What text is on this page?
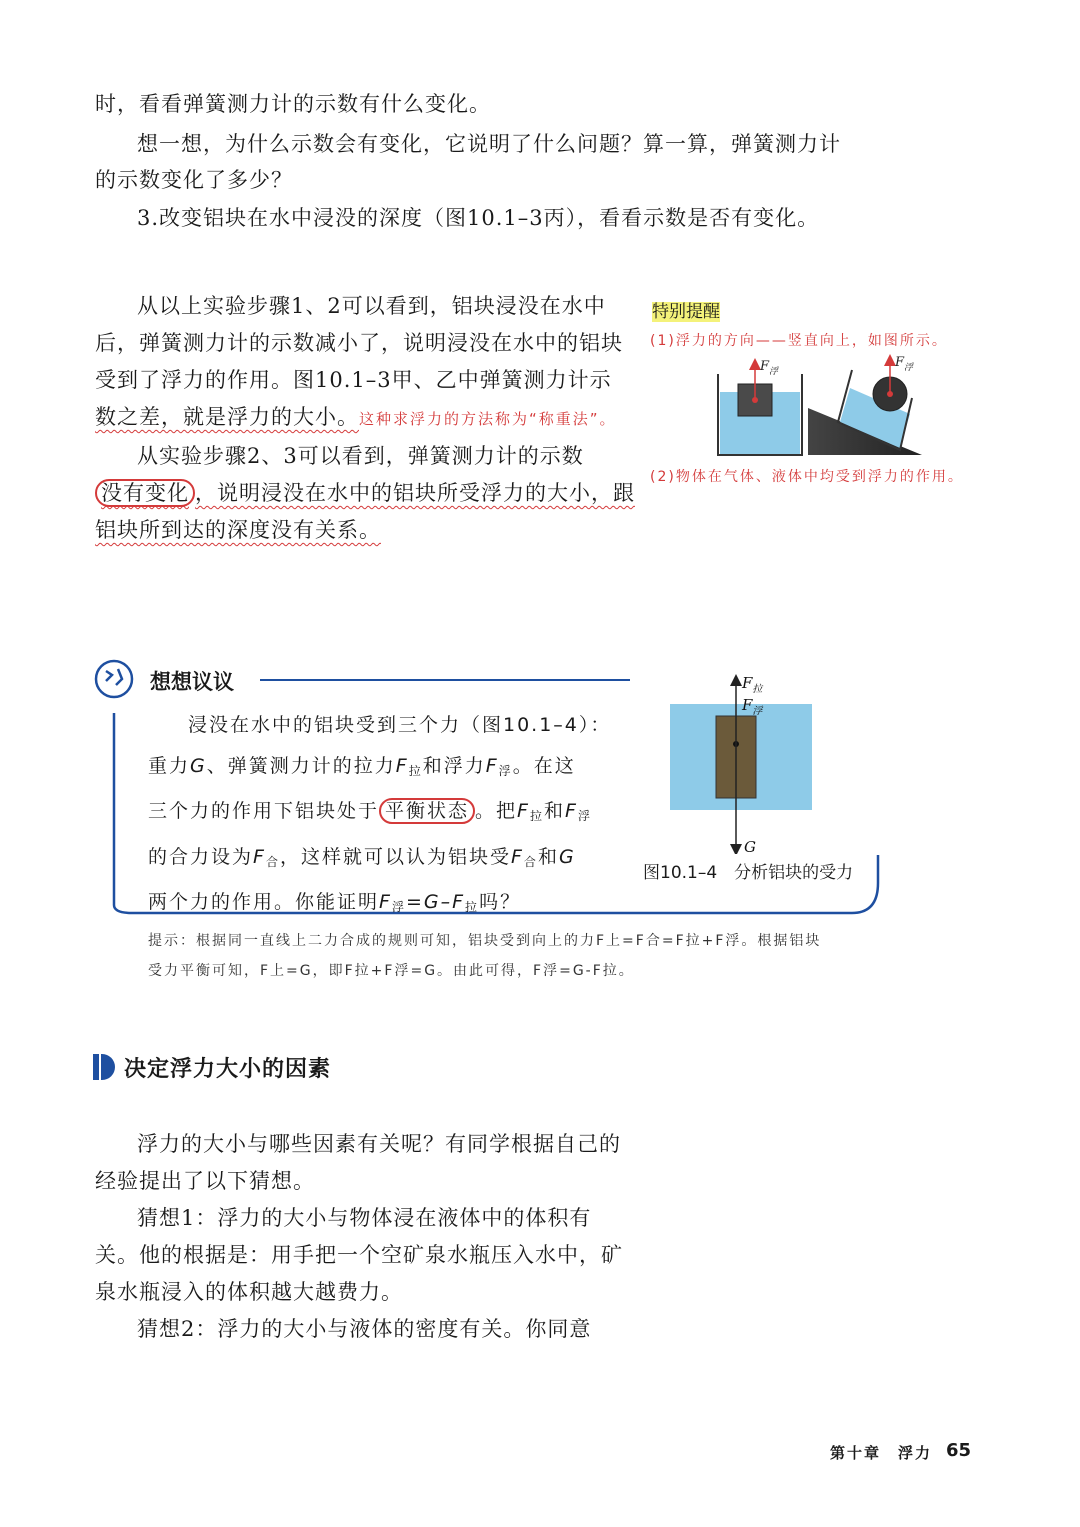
时，看看弹簧测力计的示数有什么变化。

想一想，为什么示数会有变化，它说明了什么问题？算一算，弹簧测力计

的示数变化了多少？

3.改变铝块在水中浸没的深度（图10.1–3丙），看看示数是否有变化。

从以上实验步骤1、2可以看到，铝块浸没在水中

后，弹簧测力计的示数减小了，说明浸没在水中的铝块

受到了浮力的作用。图10.1–3甲、乙中弹簧测力计示

数之差，就是浮力的大小。这种求浮力的方法称为“称重法”。

从实验步骤2、3可以看到，弹簧测力计的示数

没有变化 ，说明浸没在水中的铝块所受浮力的大小，跟

铝块所到达的深度没有关系。

特别提醒
(1)浮力的方向——竖直向上，如图所示。
(2)物体在气体、液体中均受到浮力的作用。
$F_浮$
$F_浮$
想想议议
浸没在水中的铝块受到三个力（图10.1–4）：
重力G、弹簧测力计的拉力$F_拉$和浮力$F_浮$。在这
三个力的作用下铝块处于 平衡状态 。把$F_拉$和$F_浮$
的合力设为$F_合$，这样就可以认为铝块受$F_合$和G
两个力的作用。你能证明$F_浮=G-F_拉$吗？
$F_拉$
$F_浮$
G
图10.1–4　分析铝块的受力
提示：根据同一直线上二力合成的规则可知，铝块受到向上的力F上=F合=F拉+F浮。根据铝块
受力平衡可知，F上=G，即F拉+F浮=G。由此可得，F浮=G-F拉。
决定浮力大小的因素

浮力的大小与哪些因素有关呢？有同学根据自己的

经验提出了以下猜想。

猜想1：浮力的大小与物体浸在液体中的体积有

关。他的根据是：用手把一个空矿泉水瓶压入水中，矿

泉水瓶浸入的体积越大越费力。

猜想2：浮力的大小与液体的密度有关。你同意

第十章　浮力 65
